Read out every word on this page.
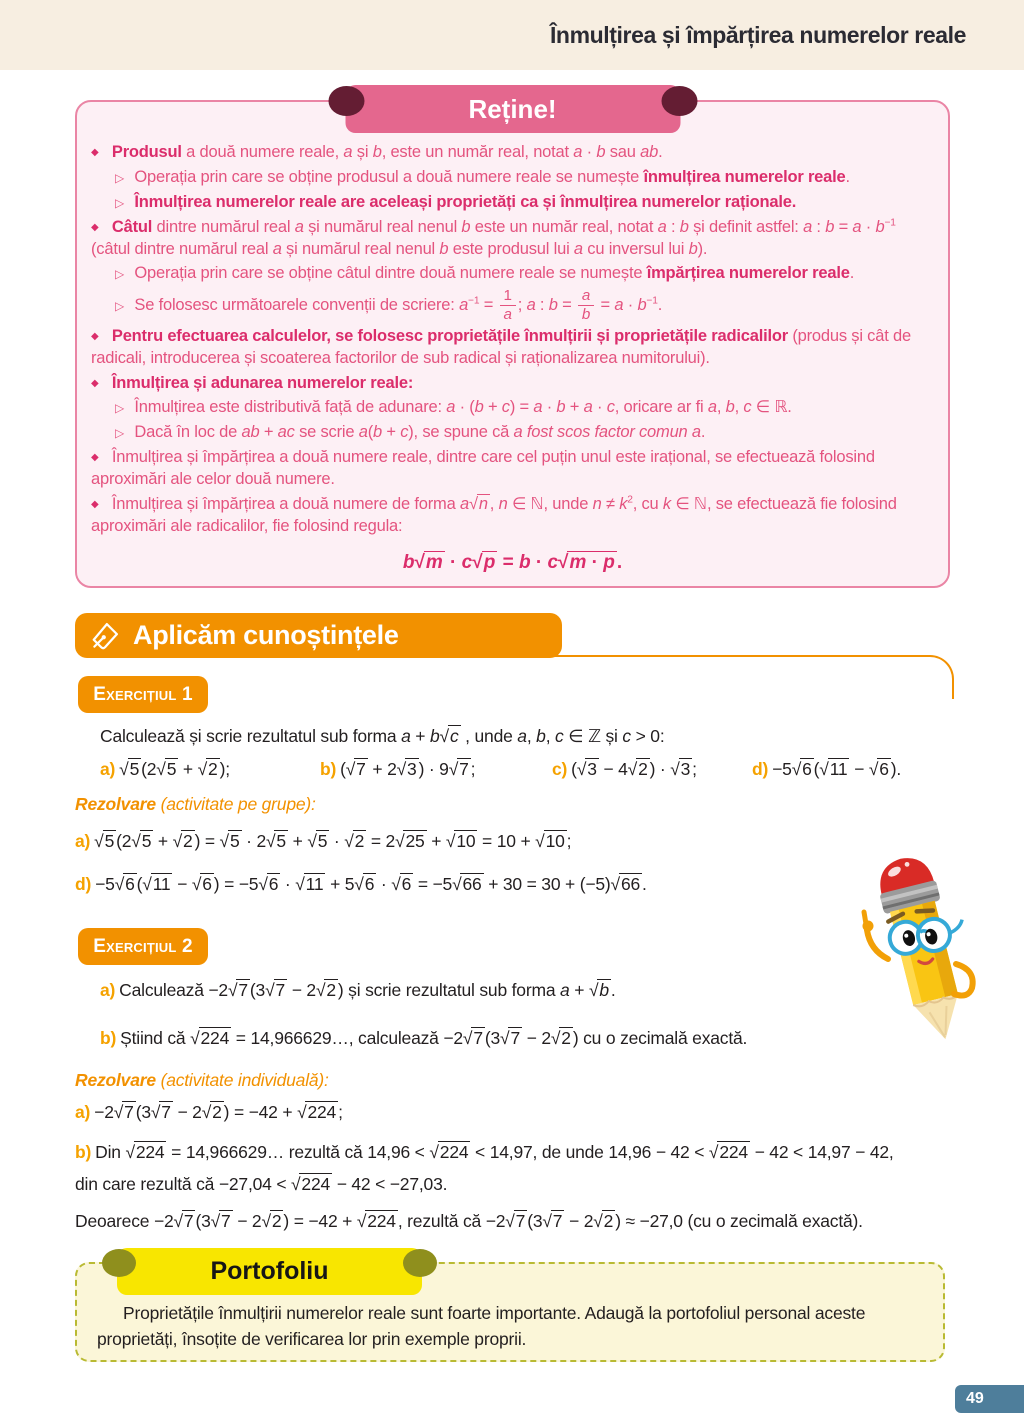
Înmulțirea și împărțirea numerelor reale
Reține!

◆ Produsul a două numere reale, a și b, este un număr real, notat a · b sau ab.

▷ Operația prin care se obține produsul a două numere reale se numește înmulțirea numerelor reale.

▷ Înmulțirea numerelor reale are aceleași proprietăți ca și înmulțirea numerelor raționale.

◆ Câtul dintre numărul real a și numărul real nenul b este un număr real, notat a : b și definit astfel: a : $b = a \cdot b^{-1}$ (câtul dintre numărul real a și numărul real nenul b este produsul lui a cu inversul lui b).

▷ Operația prin care se obține câtul dintre două numere reale se numește împărțirea numerelor reale.

▷ Se folosesc următoarele convenții de scriere: $a^{-1} = \frac{1}{a}$ ; a : $b = \frac{a}{b} = a \cdot b^{-1}$.

◆ Pentru efectuarea calculelor, se folosesc proprietățile înmulțirii și proprietățile radicalilor (produs și cât de radicali, introducerea și scoaterea factorilor de sub radical și raționalizarea numitorului).

◆ Înmulțirea și adunarea numerelor reale:

▷ Înmulțirea este distributivă față de adunare: a · (b + c) = a · b + a · c, oricare ar fi a, b, c ∈ ℝ.

▷ Dacă în loc de ab + ac se scrie a(b + c), se spune că a fost scos factor comun a.

◆ Înmulțirea și împărțirea a două numere reale, dintre care cel puțin unul este irațional, se efectuează folosind aproximări ale celor două numere.

◆ Înmulțirea și împărțirea a două numere de forma a√n , n ∈ ℕ, unde $n \ne k^2$, cu k ∈ ℕ, se efectuează fie folosind aproximări ale radicalilor, fie folosind regula:

b√m · c√p = b · c√m · p .

Aplicăm cunoștințele
Exercițiul 1

Calculează și scrie rezultatul sub forma a + b√c , unde a, b, c ∈ ℤ și c > 0:

a) √5 (2√5 + √2 );	b) (√7 + 2√3 ) · 9√7 ;	c) (√3 − 4√2 ) · √3 ;	d) −5√6 (√11 − √6 ).

Rezolvare (activitate pe grupe):

a) √5 (2√5 + √2 ) = √5 · 2√5 + √5 · √2 = 2√25 + √10 = 10 + √10 ;

d) −5√6 (√11 − √6 ) = −5√6 · √11 + 5√6 · √6 = −5√66 + 30 = 30 + (−5)√66 .

Exercițiul 2

a) Calculează −2√7 (3√7 − 2√2 ) și scrie rezultatul sub forma a + √b .

b) Știind că √224 = 14,966629…, calculează −2√7 (3√7 − 2√2 ) cu o zecimală exactă.

Rezolvare (activitate individuală):

a) −2√7 (3√7 − 2√2 ) = −42 + √224 ;

b) Din √224 = 14,966629… rezultă că 14,96 < √224 < 14,97, de unde 14,96 − 42 < √224 − 42 < 14,97 − 42,

din care rezultă că −27,04 < √224 − 42 < −27,03.

Deoarece −2√7 (3√7 − 2√2 ) = −42 + √224 , rezultă că −2√7 (3√7 − 2√2 ) ≈ −27,0 (cu o zecimală exactă).

Portofoliu

Proprietățile înmulțirii numerelor reale sunt foarte importante. Adaugă la portofoliul personal aceste proprietăți, însoțite de verificarea lor prin exemple proprii.

49
